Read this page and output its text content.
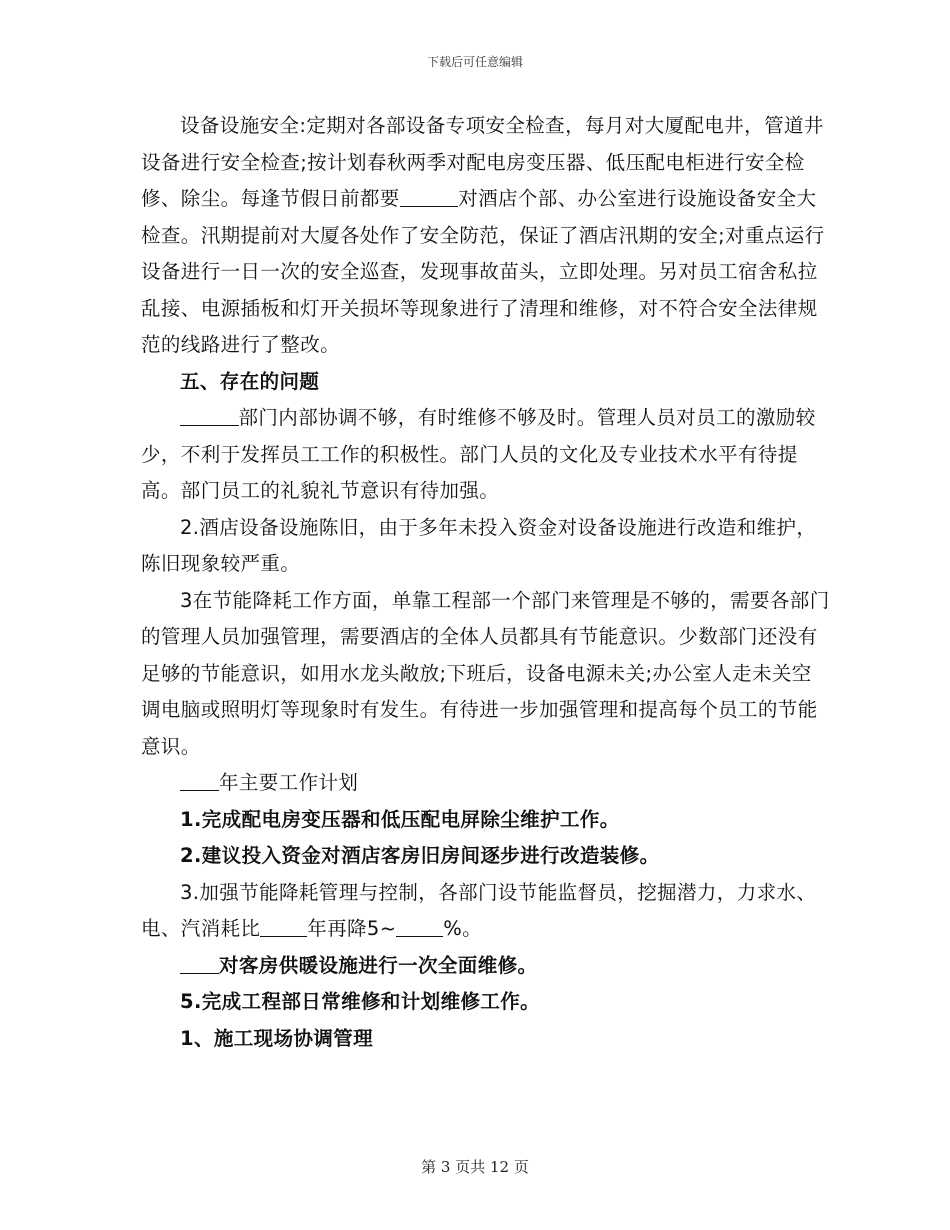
下载后可任意编辑

设备设施安全:定期对各部设备专项安全检查，每月对大厦配电井，管道井设备进行安全检查;按计划春秋两季对配电房变压器、低压配电柜进行安全检修、除尘。每逢节假日前都要	对酒店个部、办公室进行设施设备安全大检查。汛期提前对大厦各处作了安全防范，保证了酒店汛期的安全;对重点运行设备进行一日一次的安全巡查，发现事故苗头，立即处理。另对员工宿舍私拉乱接、电源插板和灯开关损坏等现象进行了清理和维修，对不符合安全法律规范的线路进行了整改。

五、存在的问题

部门内部协调不够，有时维修不够及时。管理人员对员工的激励较少，不利于发挥员工工作的积极性。部门人员的文化及专业技术水平有待提高。部门员工的礼貌礼节意识有待加强。

2.酒店设备设施陈旧，由于多年未投入资金对设备设施进行改造和维护，陈旧现象较严重。

3在节能降耗工作方面，单靠工程部一个部门来管理是不够的，需要各部门的管理人员加强管理，需要酒店的全体人员都具有节能意识。少数部门还没有足够的节能意识，如用水龙头敞放;下班后，设备电源未关;办公室人走未关空调电脑或照明灯等现象时有发生。有待进一步加强管理和提高每个员工的节能意识。

年主要工作计划

1.完成配电房变压器和低压配电屏除尘维护工作。

2.建议投入资金对酒店客房旧房间逐步进行改造装修。

3.加强节能降耗管理与控制，各部门设节能监督员，挖掘潜力，力求水、电、汽消耗比 年再降5~ %。

对客房供暖设施进行一次全面维修。

5.完成工程部日常维修和计划维修工作。

1、施工现场协调管理

第 3 页共 12 页
